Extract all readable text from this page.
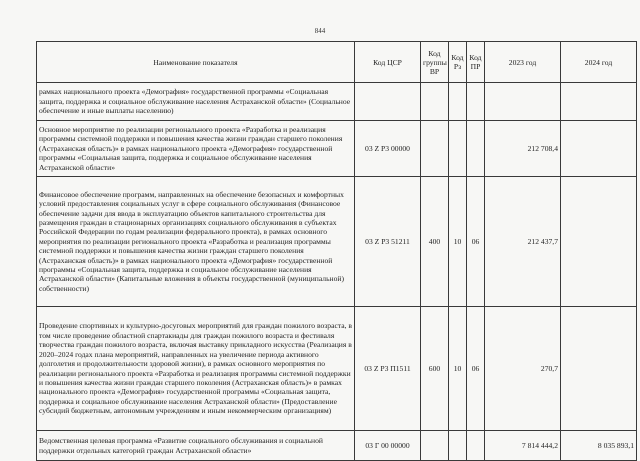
844
Наименование показателя	Код ЦСР	Код группы ВР	Код Рз	Код ПР	2023 год	2024 год
рамках национального проекта «Демография» государственной программы «Социальная защита, поддержка и социальное обслуживание населения Астраханской области» (Социальное обеспечение и иные выплаты населению)						
Основное мероприятие по реализации регионального проекта «Разработка и реализация программы системной поддержки и повышения качества жизни граждан старшего поколения (Астраханская область)» в рамках национального проекта «Демография» государственной программы «Социальная защита, поддержка и социальное обслуживание населения Астраханской области»	03 Z P3 00000				212 708,4	
Финансовое обеспечение программ, направленных на обеспечение безопасных и комфортных условий предоставления социальных услуг в сфере социального обслуживания (Финансовое обеспечение задачи для ввода в эксплуатацию объектов капитального строительства для размещения граждан в стационарных организациях социального обслуживания в субъектах Российской Федерации по годам реализации федерального проекта), в рамках основного мероприятия по реализации регионального проекта «Разработка и реализация программы системной поддержки и повышения качества жизни граждан старшего поколения (Астраханская область)» в рамках национального проекта «Демография» государственной программы «Социальная защита, поддержка и социальное обслуживание населения Астраханской области» (Капитальные вложения в объекты государственной (муниципальной) собственности)	03 Z P3 51211	400	10	06	212 437,7	
Проведение спортивных и культурно-досуговых мероприятий для граждан пожилого возраста, в том числе проведение областной спартакиады для граждан пожилого возраста и фестиваля творчества граждан пожилого возраста, включая выставку прикладного искусства (Реализация в 2020–2024 годах плана мероприятий, направленных на увеличение периода активного долголетия и продолжительности здоровой жизни), в рамках основного мероприятия по реализации регионального проекта «Разработка и реализация программы системной поддержки и повышения качества жизни граждан старшего поколения (Астраханская область)» в рамках национального проекта «Демография» государственной программы «Социальная защита, поддержка и социальное обслуживание населения Астраханской области» (Предоставление субсидий бюджетным, автономным учреждениям и иным некоммерческим организациям)	03 Z P3 П1511	600	10	06	270,7	
Ведомственная целевая программа «Развитие социального обслуживания и социальной поддержки отдельных категорий граждан Астраханской области»	03 Г 00 00000				7 814 444,2	8 035 893,1
